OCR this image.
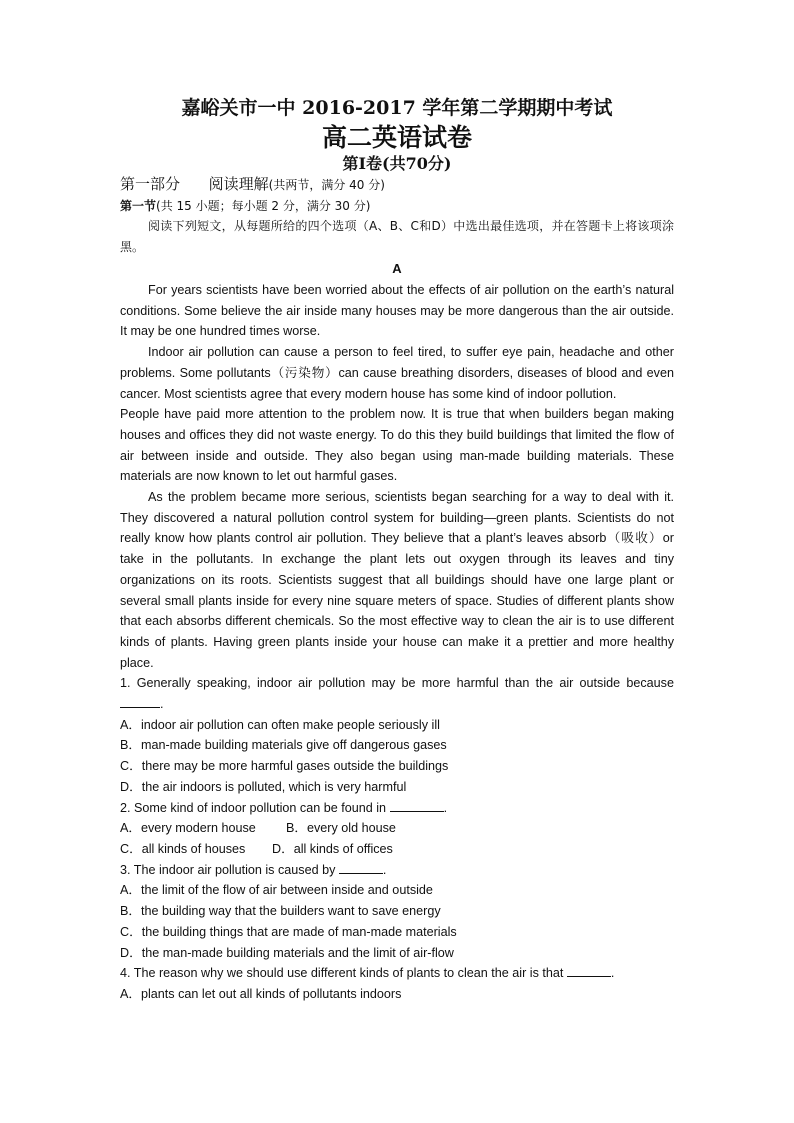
嘉峪关市一中 2016-2017 学年第二学期期中考试
高二英语试卷
第Ⅰ卷(共70分)

第一部分 阅读理解(共两节，满分 40 分)

第一节(共 15 小题；每小题 2 分，满分 30 分)

阅读下列短文，从每题所给的四个选项（A、B、C和D）中选出最佳选项，并在答题卡上将该项涂黑。

A

For years scientists have been worried about the effects of air pollution on the earth’s natural conditions. Some believe the air inside many houses may be more dangerous than the air outside. It may be one hundred times worse.

Indoor air pollution can cause a person to feel tired, to suffer eye pain, headache and other problems. Some pollutants（污染物）can cause breathing disorders, diseases of blood and even cancer. Most scientists agree that every modern house has some kind of indoor pollution.

People have paid more attention to the problem now. It is true that when builders began making houses and offices they did not waste energy. To do this they build buildings that limited the flow of air between inside and outside. They also began using man-made building materials. These materials are now known to let out harmful gases.

As the problem became more serious, scientists began searching for a way to deal with it. They discovered a natural pollution control system for building—green plants. Scientists do not really know how plants control air pollution. They believe that a plant’s leaves absorb（吸收）or take in the pollutants. In exchange the plant lets out oxygen through its leaves and tiny organizations on its roots. Scientists suggest that all buildings should have one large plant or several small plants inside for every nine square meters of space. Studies of different plants show that each absorbs different chemicals. So the most effective way to clean the air is to use different kinds of plants. Having green plants inside your house can make it a prettier and more healthy place.

1. Generally speaking, indoor air pollution may be more harmful than the air outside because .

A．indoor air pollution can often make people seriously ill

B．man-made building materials give off dangerous gases

C．there may be more harmful gases outside the buildings

D．the air indoors is polluted, which is very harmful

2. Some kind of indoor pollution can be found in	.

A．every modern house	B．every old house

C．all kinds of houses	D．all kinds of offices

3. The indoor air pollution is caused by	.

A．the limit of the flow of air between inside and outside

B．the building way that the builders want to save energy

C．the building things that are made of man-made materials

D．the man-made building materials and the limit of air-flow

4. The reason why we should use different kinds of plants to clean the air is that	.

A．plants can let out all kinds of pollutants indoors
